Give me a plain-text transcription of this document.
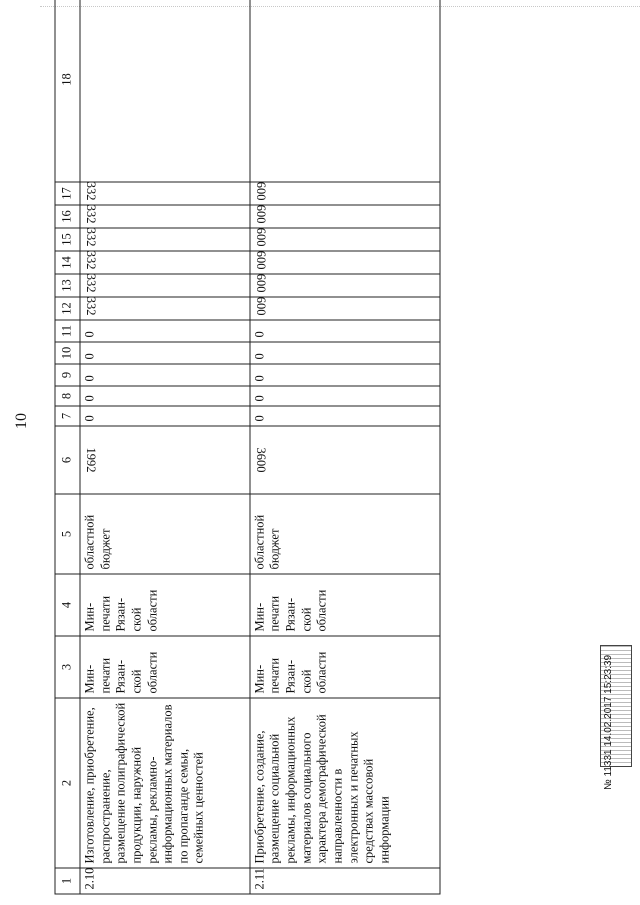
10
1	2	3	4	5	6	7	8	9	10	11	12	13	14	15	16	17	18
2.10	Изготовление, приобретение, распространение, размещение полиграфической продукции, наружной рекламы, рекламно-информационных материалов по пропаганде семьи, семейных ценностей	Мин-печати Рязан-ской области	Мин-печати Рязан-ской области	областной бюджет	1992	0	0	0	0	0	332	332	332	332	332	332	
2.11	Приобретение, создание, размещение социальной рекламы, информационных материалов социального характера демографической направленности в электронных и печатных средствах массовой информации	Мин-печати Рязан-ской области	Мин-печати Рязан-ской области	областной бюджет	3600	0	0	0	0	0	600	600	600	600	600	600	
№ 11331 14.02.2017 15:23:39
